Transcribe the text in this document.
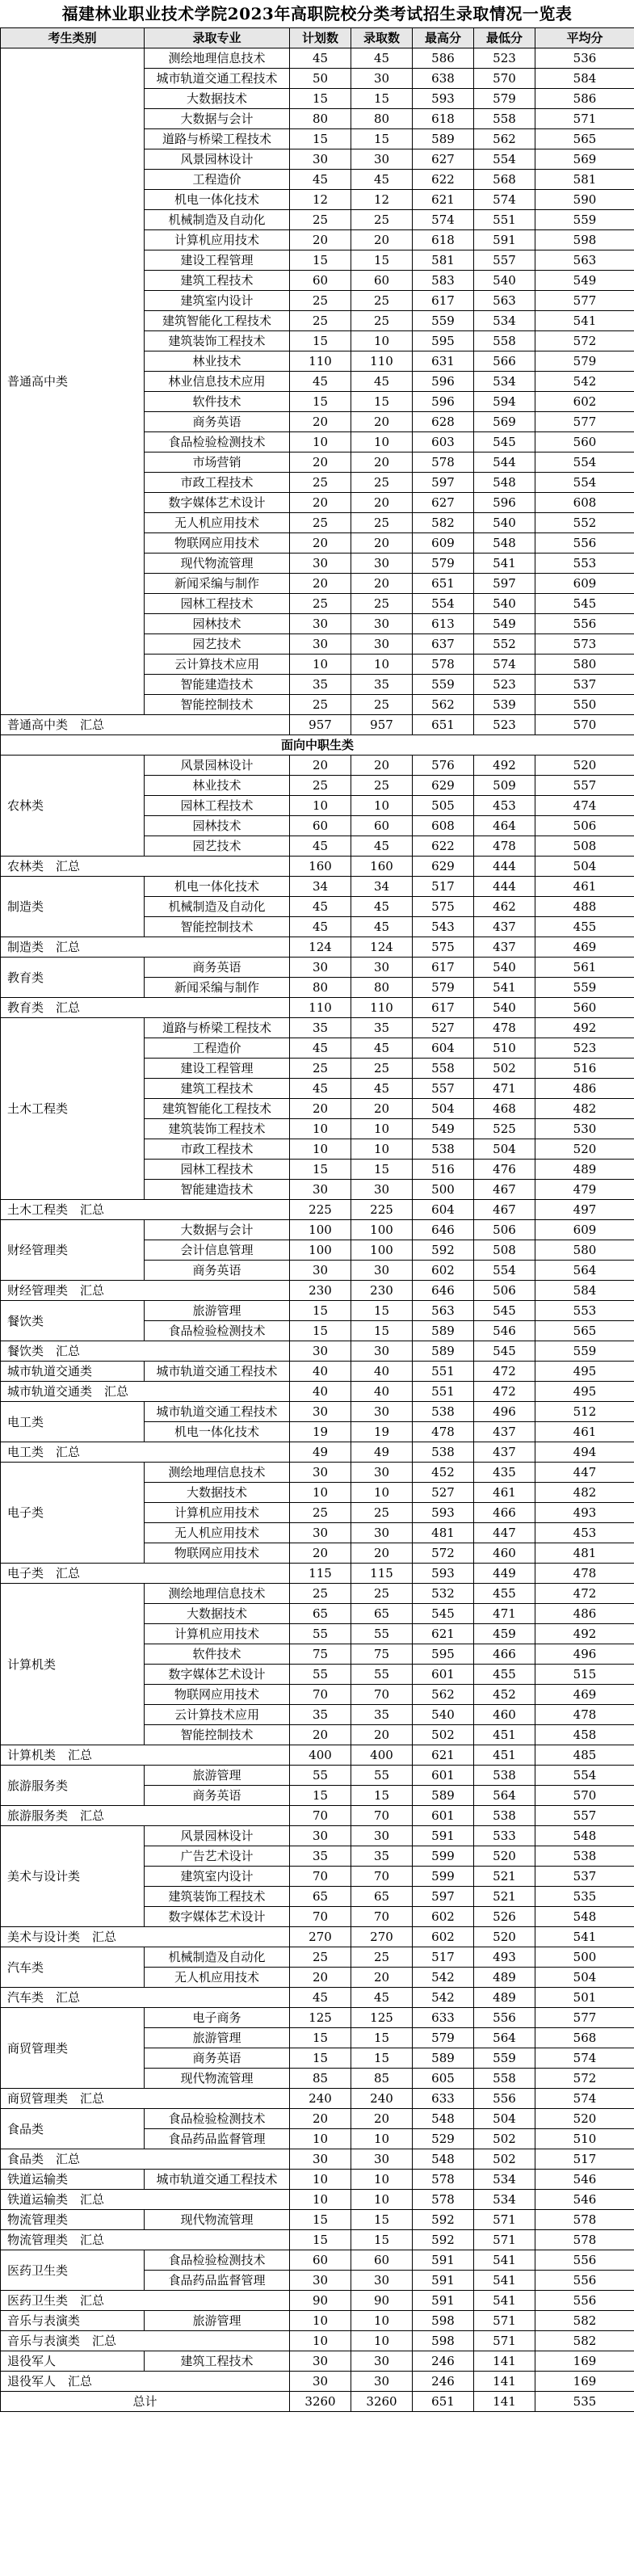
福建林业职业技术学院2023年高职院校分类考试招生录取情况一览表
考生类别	录取专业	计划数	录取数	最高分	最低分	平均分
普通高中类	测绘地理信息技术	45	45	586	523	536
	城市轨道交通工程技术	50	30	638	570	584
	大数据技术	15	15	593	579	586
	大数据与会计	80	80	618	558	571
	道路与桥梁工程技术	15	15	589	562	565
	风景园林设计	30	30	627	554	569
	工程造价	45	45	622	568	581
	机电一体化技术	12	12	621	574	590
	机械制造及自动化	25	25	574	551	559
	计算机应用技术	20	20	618	591	598
	建设工程管理	15	15	581	557	563
	建筑工程技术	60	60	583	540	549
	建筑室内设计	25	25	617	563	577
	建筑智能化工程技术	25	25	559	534	541
	建筑装饰工程技术	15	10	595	558	572
	林业技术	110	110	631	566	579
	林业信息技术应用	45	45	596	534	542
	软件技术	15	15	596	594	602
	商务英语	20	20	628	569	577
	食品检验检测技术	10	10	603	545	560
	市场营销	20	20	578	544	554
	市政工程技术	25	25	597	548	554
	数字媒体艺术设计	20	20	627	596	608
	无人机应用技术	25	25	582	540	552
	物联网应用技术	20	20	609	548	556
	现代物流管理	30	30	579	541	553
	新闻采编与制作	20	20	651	597	609
	园林工程技术	25	25	554	540	545
	园林技术	30	30	613	549	556
	园艺技术	30	30	637	552	573
	云计算技术应用	10	10	578	574	580
	智能建造技术	35	35	559	523	537
	智能控制技术	25	25	562	539	550
普通高中类　汇总		957	957	651	523	570
面向中职生类						
农林类	风景园林设计	20	20	576	492	520
	林业技术	25	25	629	509	557
	园林工程技术	10	10	505	453	474
	园林技术	60	60	608	464	506
	园艺技术	45	45	622	478	508
农林类　汇总		160	160	629	444	504
制造类	机电一体化技术	34	34	517	444	461
	机械制造及自动化	45	45	575	462	488
	智能控制技术	45	45	543	437	455
制造类　汇总		124	124	575	437	469
教育类	商务英语	30	30	617	540	561
	新闻采编与制作	80	80	579	541	559
教育类　汇总		110	110	617	540	560
土木工程类	道路与桥梁工程技术	35	35	527	478	492
	工程造价	45	45	604	510	523
	建设工程管理	25	25	558	502	516
	建筑工程技术	45	45	557	471	486
	建筑智能化工程技术	20	20	504	468	482
	建筑装饰工程技术	10	10	549	525	530
	市政工程技术	10	10	538	504	520
	园林工程技术	15	15	516	476	489
	智能建造技术	30	30	500	467	479
土木工程类　汇总		225	225	604	467	497
财经管理类	大数据与会计	100	100	646	506	609
	会计信息管理	100	100	592	508	580
	商务英语	30	30	602	554	564
财经管理类　汇总		230	230	646	506	584
餐饮类	旅游管理	15	15	563	545	553
	食品检验检测技术	15	15	589	546	565
餐饮类　汇总		30	30	589	545	559
城市轨道交通类	城市轨道交通工程技术	40	40	551	472	495
城市轨道交通类　汇总		40	40	551	472	495
电工类	城市轨道交通工程技术	30	30	538	496	512
	机电一体化技术	19	19	478	437	461
电工类　汇总		49	49	538	437	494
电子类	测绘地理信息技术	30	30	452	435	447
	大数据技术	10	10	527	461	482
	计算机应用技术	25	25	593	466	493
	无人机应用技术	30	30	481	447	453
	物联网应用技术	20	20	572	460	481
电子类　汇总		115	115	593	449	478
计算机类	测绘地理信息技术	25	25	532	455	472
	大数据技术	65	65	545	471	486
	计算机应用技术	55	55	621	459	492
	软件技术	75	75	595	466	496
	数字媒体艺术设计	55	55	601	455	515
	物联网应用技术	70	70	562	452	469
	云计算技术应用	35	35	540	460	478
	智能控制技术	20	20	502	451	458
计算机类　汇总		400	400	621	451	485
旅游服务类	旅游管理	55	55	601	538	554
	商务英语	15	15	589	564	570
旅游服务类　汇总		70	70	601	538	557
美术与设计类	风景园林设计	30	30	591	533	548
	广告艺术设计	35	35	599	520	538
	建筑室内设计	70	70	599	521	537
	建筑装饰工程技术	65	65	597	521	535
	数字媒体艺术设计	70	70	602	526	548
美术与设计类　汇总		270	270	602	520	541
汽车类	机械制造及自动化	25	25	517	493	500
	无人机应用技术	20	20	542	489	504
汽车类　汇总		45	45	542	489	501
商贸管理类	电子商务	125	125	633	556	577
	旅游管理	15	15	579	564	568
	商务英语	15	15	589	559	574
	现代物流管理	85	85	605	558	572
商贸管理类　汇总		240	240	633	556	574
食品类	食品检验检测技术	20	20	548	504	520
	食品药品监督管理	10	10	529	502	510
食品类　汇总		30	30	548	502	517
铁道运输类	城市轨道交通工程技术	10	10	578	534	546
铁道运输类　汇总		10	10	578	534	546
物流管理类	现代物流管理	15	15	592	571	578
物流管理类　汇总		15	15	592	571	578
医药卫生类	食品检验检测技术	60	60	591	541	556
	食品药品监督管理	30	30	591	541	556
医药卫生类　汇总		90	90	591	541	556
音乐与表演类	旅游管理	10	10	598	571	582
音乐与表演类　汇总		10	10	598	571	582
退役军人	建筑工程技术	30	30	246	141	169
退役军人　汇总		30	30	246	141	169
总计		3260	3260	651	141	535
